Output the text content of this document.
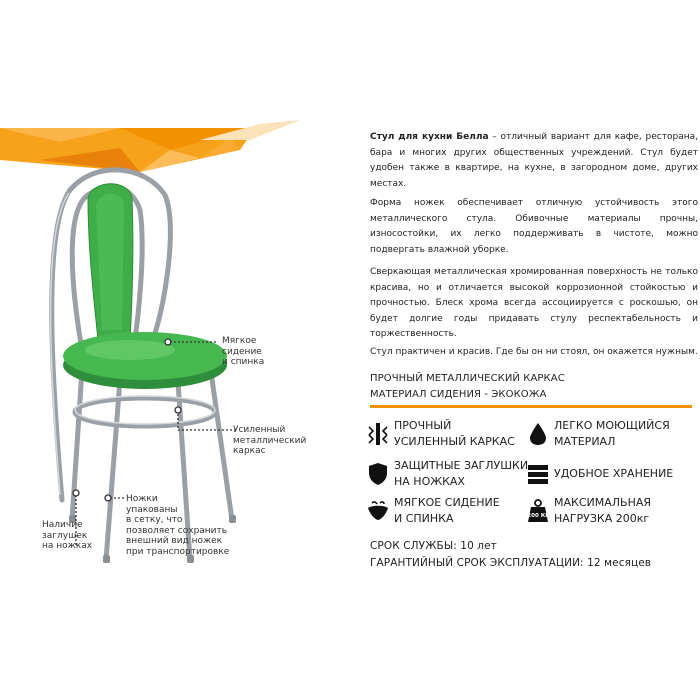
Мягкое
сидение
и спинка
Усиленный
металлический
каркас
Ножки
упакованы
в сетку, что
позволяет сохранить
внешний вид ножек
при транспортировке
Наличие
заглушек
на ножках

Стул для кухни Белла – отличный вариант для кафе, ресторана, бара и многих других общественных учреждений. Стул будет удобен также в квартире, на кухне, в загородном доме, других местах.

Форма ножек обеспечивает отличную устойчивость этого металлического стула. Обивочные материалы прочны, износостойки, их легко поддерживать в чистоте, можно подвергать влажной уборке.

Сверкающая металлическая хромированная поверхность не только красива, но и отличается высокой коррозионной стойкостью и прочностью. Блеск хрома всегда ассоциируется с роскошью, он будет долгие годы придавать стулу респектабельность и торжественность.

Стул практичен и красив. Где бы он ни стоял, он окажется нужным.

ПРОЧНЫЙ МЕТАЛЛИЧЕСКИЙ КАРКАС
МАТЕРИАЛ СИДЕНИЯ - ЭКОКОЖА
ПРОЧНЫЙ
УСИЛЕННЫЙ КАРКАС
ЛЕГКО МОЮЩИЙСЯ
МАТЕРИАЛ
ЗАЩИТНЫЕ ЗАГЛУШКИ
НА НОЖКАХ
УДОБНОЕ ХРАНЕНИЕ
МЯГКОЕ СИДЕНИЕ
И СПИНКА	200 КГ
МАКСИМАЛЬНАЯ
НАГРУЗКА 200кг
СРОК СЛУЖБЫ: 10 лет
ГАРАНТИЙНЫЙ СРОК ЭКСПЛУАТАЦИИ: 12 месяцев
